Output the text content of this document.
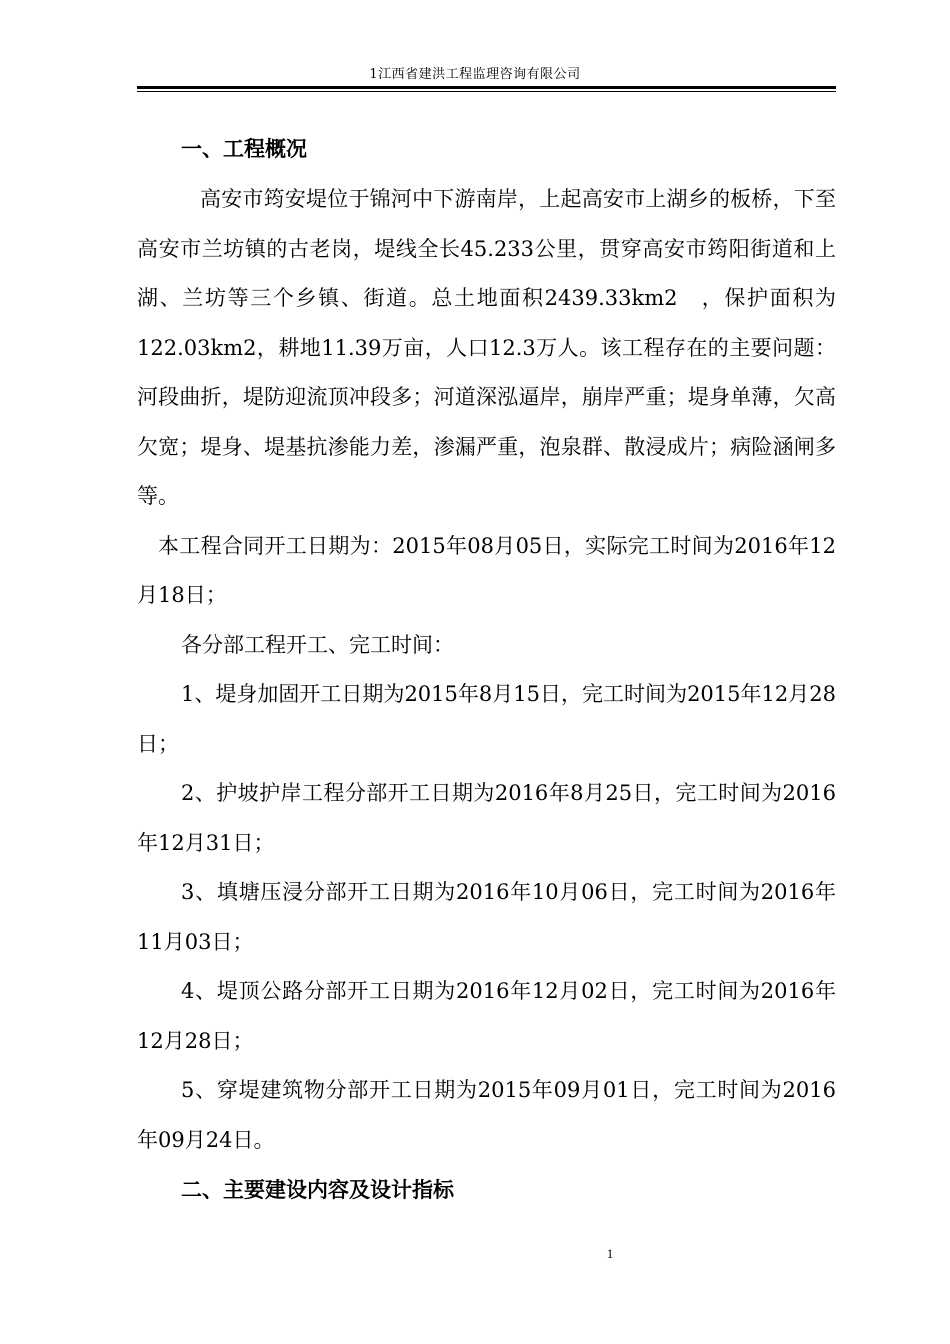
1江西省建洪工程监理咨询有限公司

一、工程概况

高安市筠安堤位于锦河中下游南岸，上起高安市上湖乡的板桥，下至高安市兰坊镇的古老岗，堤线全长45.233公里，贯穿高安市筠阳街道和上湖、兰坊等三个乡镇、街道。总土地面积2439.33km2　，保护面积为122.03km2，耕地11.39万亩，人口12.3万人。该工程存在的主要问题：河段曲折，堤防迎流顶冲段多；河道深泓逼岸，崩岸严重；堤身单薄，欠高欠宽；堤身、堤基抗渗能力差，渗漏严重，泡泉群、散浸成片；病险涵闸多等。

本工程合同开工日期为：2015年08月05日，实际完工时间为2016年12月18日；

各分部工程开工、完工时间：

1、堤身加固开工日期为2015年8月15日，完工时间为2015年12月28日；

2、护坡护岸工程分部开工日期为2016年8月25日，完工时间为2016年12月31日；

3、填塘压浸分部开工日期为2016年10月06日，完工时间为2016年11月03日；

4、堤顶公路分部开工日期为2016年12月02日，完工时间为2016年12月28日；

5、穿堤建筑物分部开工日期为2015年09月01日，完工时间为2016年09月24日。

二、主要建设内容及设计指标

1
